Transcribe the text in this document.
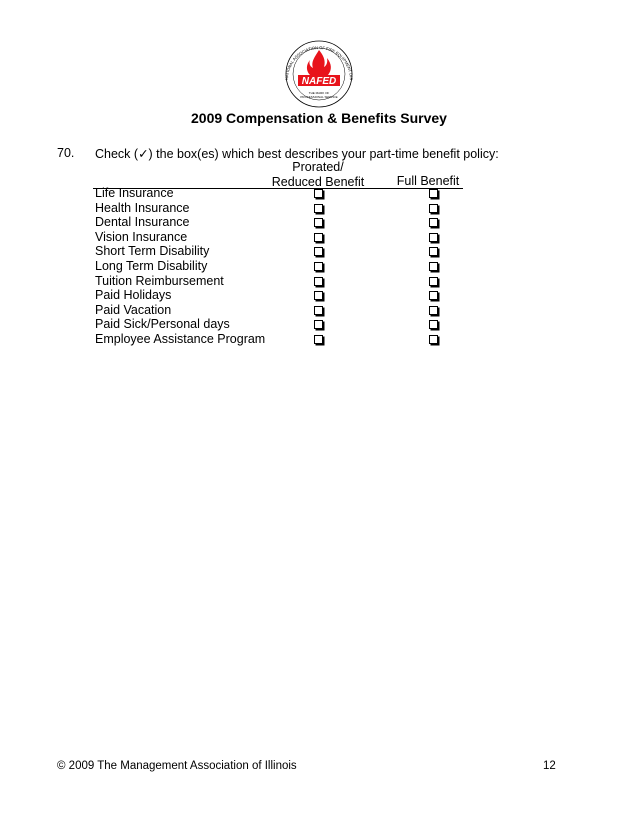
NATIONAL ASSOCIATION OF FIRE EQUIPMENT DIS
NAFED
THE MARK OF
PROFESSIONAL SERVICE
2009 Compensation & Benefits Survey
70. Check (✓) the box(es) which best describes your part-time benefit policy:
Prorated/
Reduced Benefit	Full Benefit
Life Insurance
Health Insurance
Dental Insurance
Vision Insurance
Short Term Disability
Long Term Disability
Tuition Reimbursement
Paid Holidays
Paid Vacation
Paid Sick/Personal days
Employee Assistance Program
© 2009 The Management Association of Illinois	12
